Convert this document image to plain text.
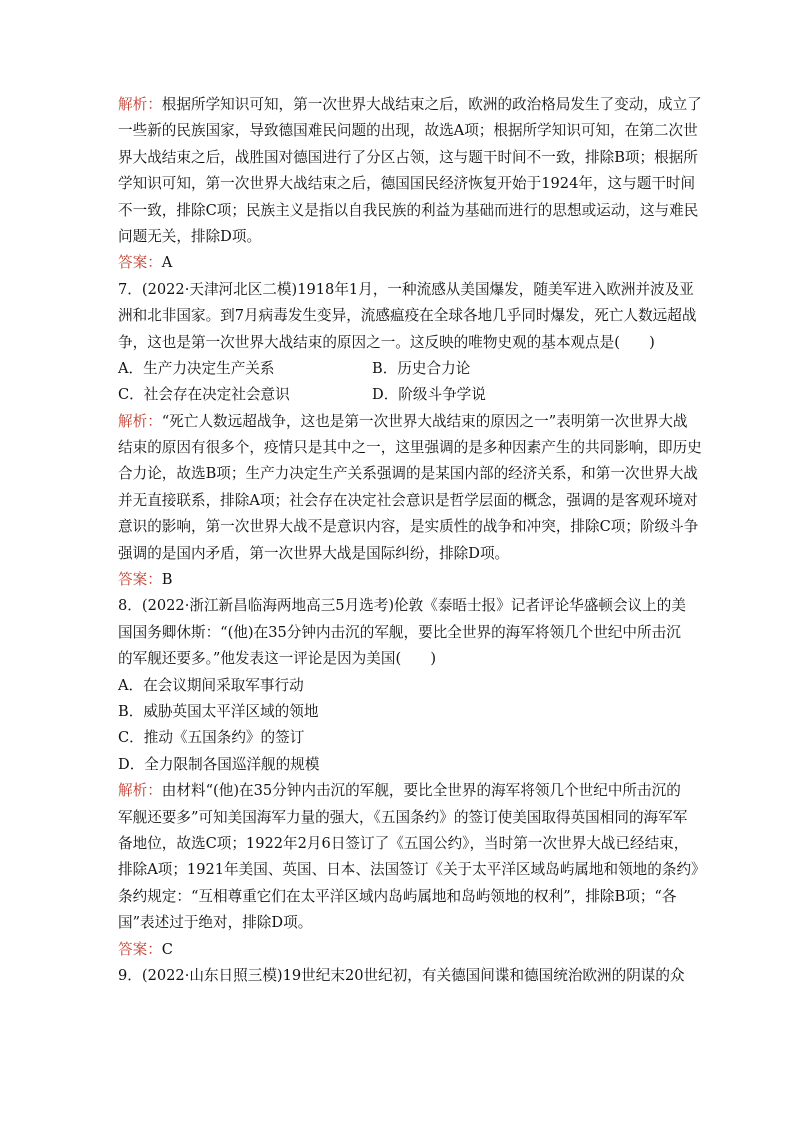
解析：根据所学知识可知，第一次世界大战结束之后，欧洲的政治格局发生了变动，成立了
一些新的民族国家，导致德国难民问题的出现，故选A项；根据所学知识可知，在第二次世
界大战结束之后，战胜国对德国进行了分区占领，这与题干时间不一致，排除B项；根据所
学知识可知，第一次世界大战结束之后，德国国民经济恢复开始于1924年，这与题干时间
不一致，排除C项；民族主义是指以自我民族的利益为基础而进行的思想或运动，这与难民
问题无关，排除D项。
答案：A
7．(2022·天津河北区二模)1918年1月，一种流感从美国爆发，随美军进入欧洲并波及亚
洲和北非国家。到7月病毒发生变异，流感瘟疫在全球各地几乎同时爆发，死亡人数远超战
争，这也是第一次世界大战结束的原因之一。这反映的唯物史观的基本观点是(　　)
A．生产力决定生产关系	B．历史合力论
C．社会存在决定社会意识	D．阶级斗争学说
解析：“死亡人数远超战争，这也是第一次世界大战结束的原因之一”表明第一次世界大战
结束的原因有很多个，疫情只是其中之一，这里强调的是多种因素产生的共同影响，即历史
合力论，故选B项；生产力决定生产关系强调的是某国内部的经济关系，和第一次世界大战
并无直接联系，排除A项；社会存在决定社会意识是哲学层面的概念，强调的是客观环境对
意识的影响，第一次世界大战不是意识内容，是实质性的战争和冲突，排除C项；阶级斗争
强调的是国内矛盾，第一次世界大战是国际纠纷，排除D项。
答案：B
8．(2022·浙江新昌临海两地高三5月选考)伦敦《泰晤士报》记者评论华盛顿会议上的美
国国务卿休斯：“(他)在35分钟内击沉的军舰，要比全世界的海军将领几个世纪中所击沉
的军舰还要多。”他发表这一评论是因为美国(　　)
A．在会议期间采取军事行动
B．威胁英国太平洋区域的领地
C．推动《五国条约》的签订
D．全力限制各国巡洋舰的规模
解析：由材料“(他)在35分钟内击沉的军舰，要比全世界的海军将领几个世纪中所击沉的
军舰还要多”可知美国海军力量的强大，《五国条约》的签订使美国取得英国相同的海军军
备地位，故选C项；1922年2月6日签订了《五国公约》，当时第一次世界大战已经结束，
排除A项；1921年美国、英国、日本、法国签订《关于太平洋区域岛屿属地和领地的条约》
条约规定：“互相尊重它们在太平洋区域内岛屿属地和岛屿领地的权利”，排除B项；“各
国”表述过于绝对，排除D项。
答案：C
9．(2022·山东日照三模)19世纪末20世纪初，有关德国间谍和德国统治欧洲的阴谋的众
